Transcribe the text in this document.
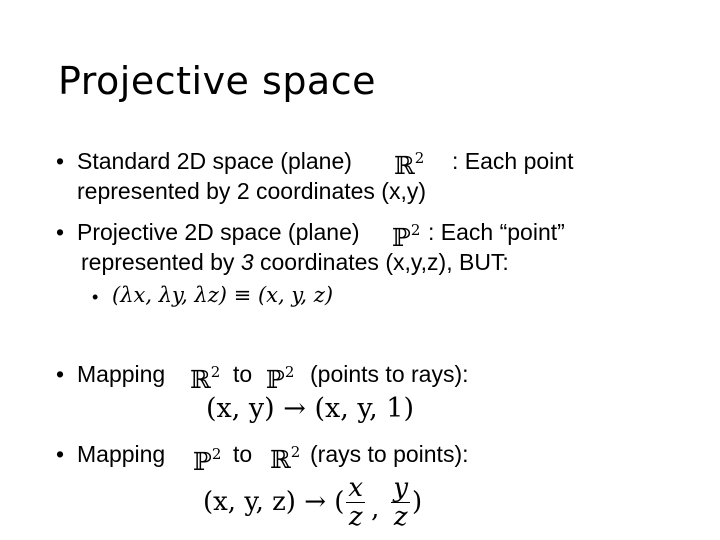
Projective space
• Standard 2D space (plane) ℝ$^2$ : Each point
represented by 2 coordinates (x,y)
• Projective 2D space (plane) ℙ$^2$ : Each “point”
represented by 3 coordinates (x,y,z), BUT:
• (λx, λy, λz) ≡ (x, y, z)
• Mapping ℝ$^2$ to ℙ$^2$ (points to rays):
(x, y) → (x, y, 1)
• Mapping ℙ$^2$ to ℝ$^2$ (rays to points):
(x, y, z) → ( $\frac{x}{z}$ , $\frac{y}{z}$ )
